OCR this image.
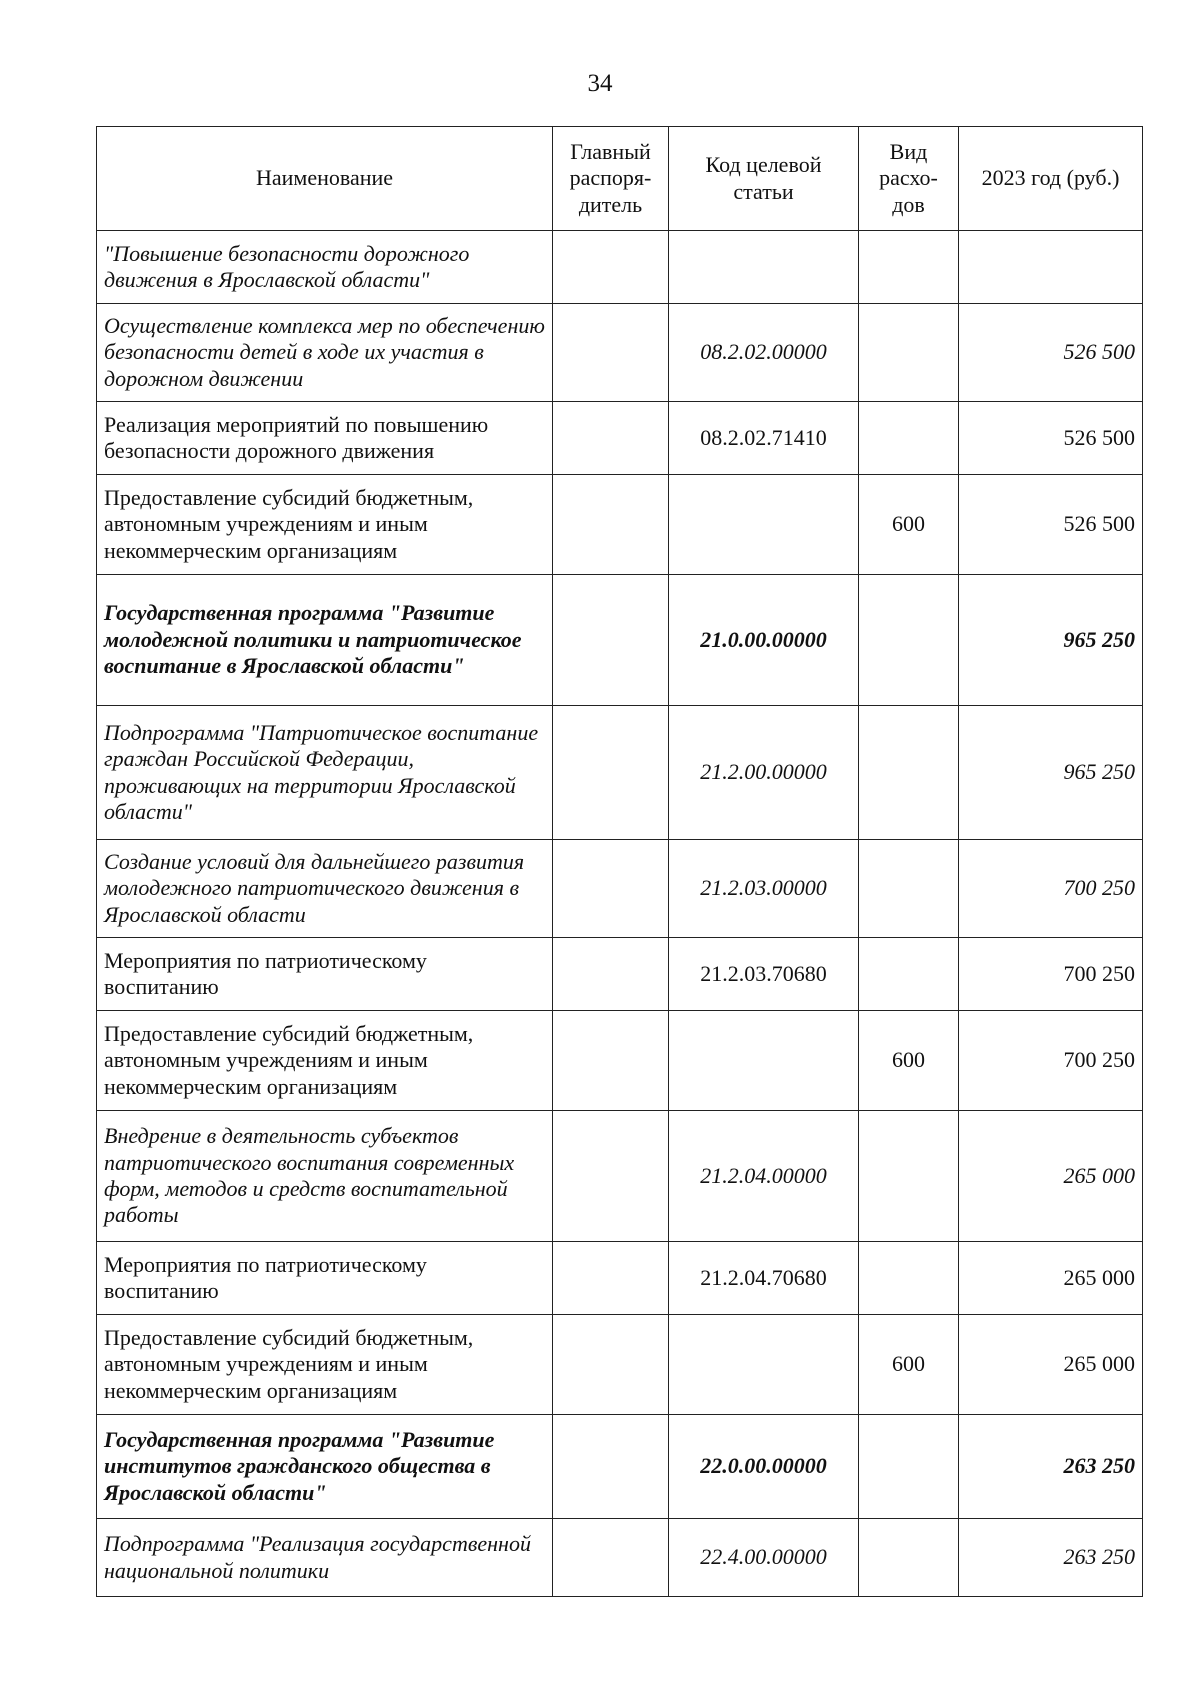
34
Наименование	Главный распоря-дитель	Код целевой статьи	Вид расхо-дов	2023 год (руб.)
"Повышение безопасности дорожного движения в Ярославской области"				
Осуществление комплекса мер по обеспечению безопасности детей в ходе их участия в дорожном движении		08.2.02.00000		526 500
Реализация мероприятий по повышению безопасности дорожного движения		08.2.02.71410		526 500
Предоставление субсидий бюджетным, автономным учреждениям и иным некоммерческим организациям			600	526 500
Государственная программа "Развитие молодежной политики и патриотическое воспитание в Ярославской области"		21.0.00.00000		965 250
Подпрограмма "Патриотическое воспитание граждан Российской Федерации, проживающих на территории Ярославской области"		21.2.00.00000		965 250
Создание условий для дальнейшего развития молодежного патриотического движения в Ярославской области		21.2.03.00000		700 250
Мероприятия по патриотическому воспитанию		21.2.03.70680		700 250
Предоставление субсидий бюджетным, автономным учреждениям и иным некоммерческим организациям			600	700 250
Внедрение в деятельность субъектов патриотического воспитания современных форм, методов и средств воспитательной работы		21.2.04.00000		265 000
Мероприятия по патриотическому воспитанию		21.2.04.70680		265 000
Предоставление субсидий бюджетным, автономным учреждениям и иным некоммерческим организациям			600	265 000
Государственная программа "Развитие институтов гражданского общества в Ярославской области"		22.0.00.00000		263 250
Подпрограмма "Реализация государственной национальной политики		22.4.00.00000		263 250
